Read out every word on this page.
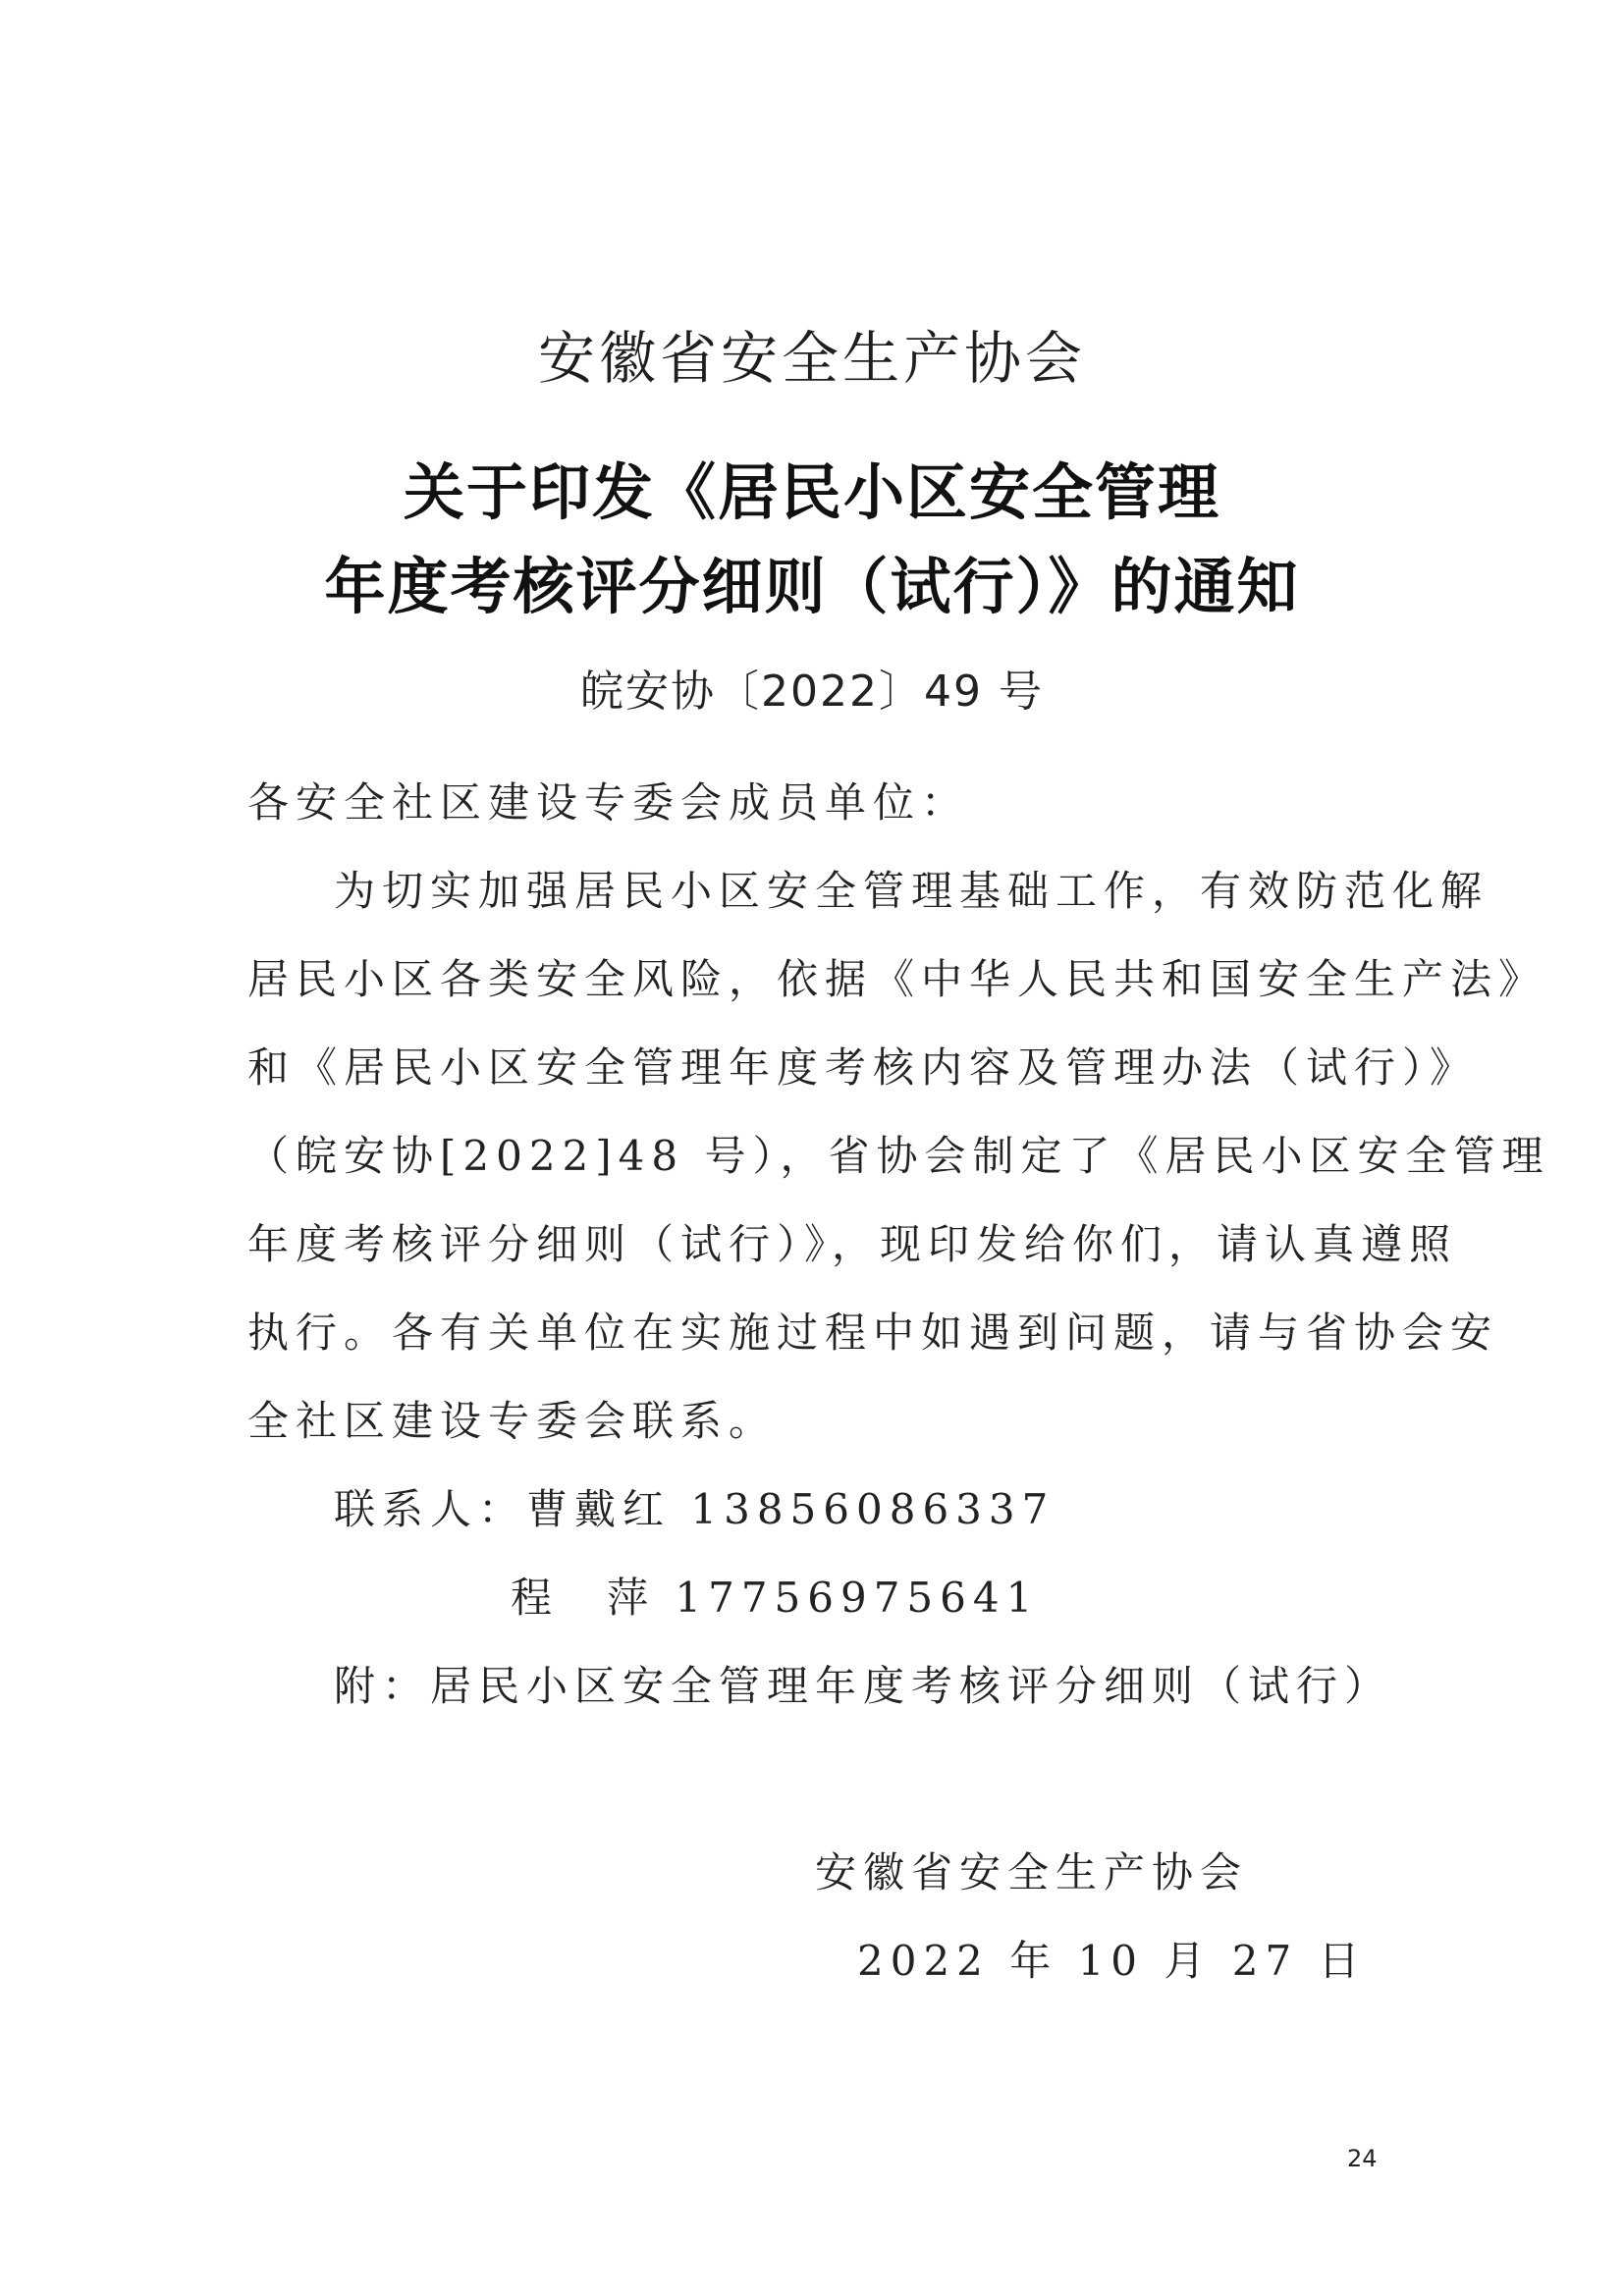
安徽省安全生产协会
关于印发《居民小区安全管理
年度考核评分细则（试行）》的通知
皖安协〔2022〕49 号
各安全社区建设专委会成员单位：
为切实加强居民小区安全管理基础工作，有效防范化解
居民小区各类安全风险，依据《中华人民共和国安全生产法》
和《居民小区安全管理年度考核内容及管理办法（试行）》
（皖安协[2022]48 号），省协会制定了《居民小区安全管理
年度考核评分细则（试行）》，现印发给你们，请认真遵照
执行。各有关单位在实施过程中如遇到问题，请与省协会安
全社区建设专委会联系。
联系人：曹戴红 13856086337
程　萍 17756975641
附：居民小区安全管理年度考核评分细则（试行）
安徽省安全生产协会
2022 年 10 月 27 日
24
